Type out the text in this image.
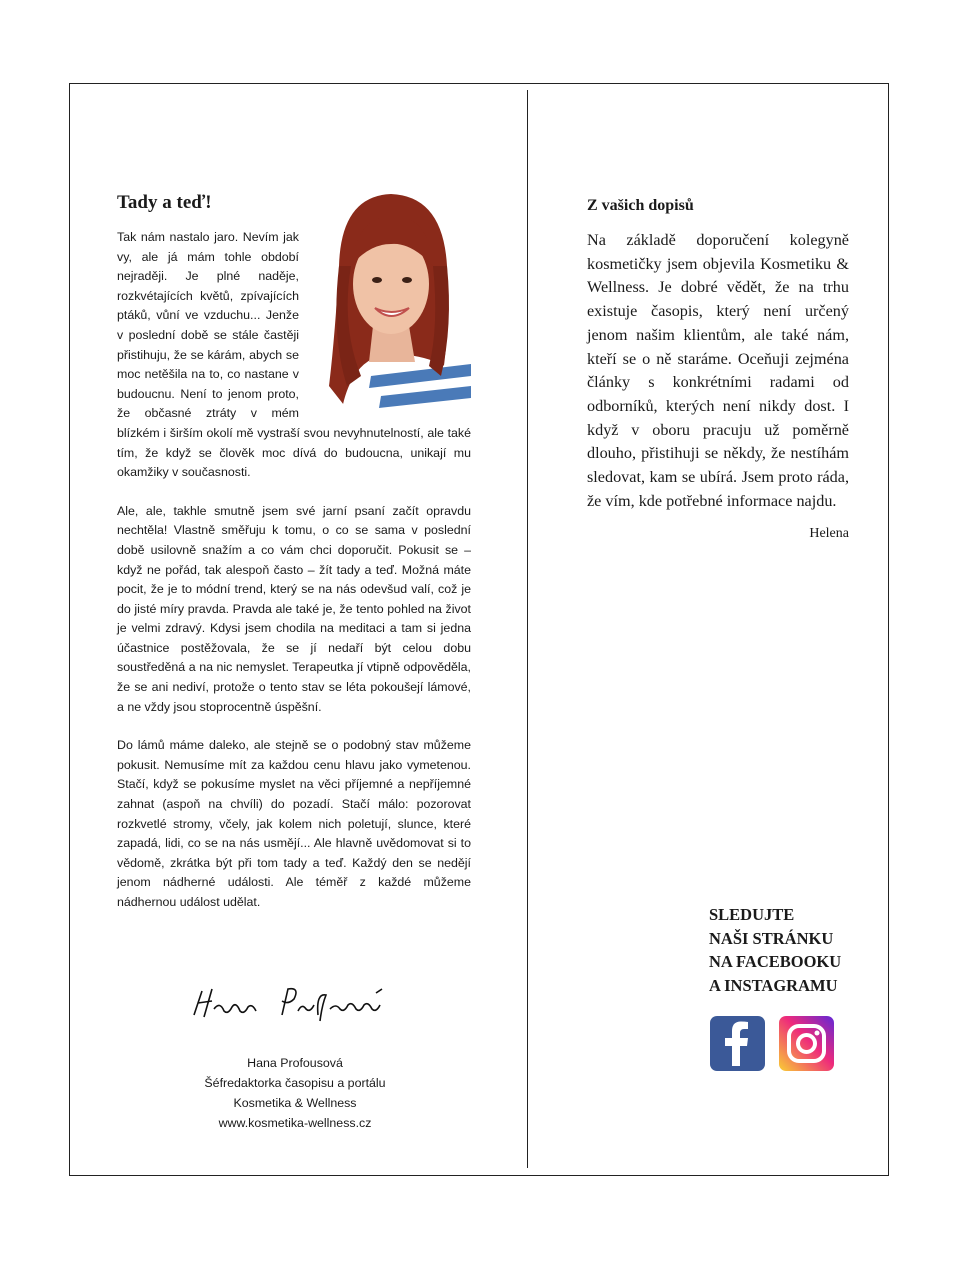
Tady a teď!

Tak nám nastalo jaro. Nevím jak vy, ale já mám tohle období nejraději. Je plné naděje, rozkvétajících květů, zpívajících ptáků, vůní ve vzduchu... Jenže v poslední době se stále častěji přistihuju, že se kárám, abych se moc netěšila na to, co nastane v budoucnu. Není to jenom proto, že občasné ztráty v mém blízkém i širším okolí mě vystraší svou nevyhnutelností, ale také tím, že když se člověk moc dívá do budoucna, unikají mu okamžiky v současnosti.

Ale, ale, takhle smutně jsem své jarní psaní začít opravdu nechtěla! Vlastně směřuju k tomu, o co se sama v poslední době usilovně snažím a co vám chci doporučit. Pokusit se – když ne pořád, tak alespoň často – žít tady a teď. Možná máte pocit, že je to módní trend, který se na nás odevšud valí, což je do jisté míry pravda. Pravda ale také je, že tento pohled na život je velmi zdravý. Kdysi jsem chodila na meditaci a tam si jedna účastnice postěžovala, že se jí nedaří být celou dobu soustředěná a na nic nemyslet. Terapeutka jí vtipně odpověděla, že se ani nediví, protože o tento stav se léta pokoušejí lámové, a ne vždy jsou stoprocentně úspěšní.

Do lámů máme daleko, ale stejně se o podobný stav můžeme pokusit. Nemusíme mít za každou cenu hlavu jako vymetenou. Stačí, když se pokusíme myslet na věci příjemné a nepříjemné zahnat (aspoň na chvíli) do pozadí. Stačí málo: pozorovat rozkvetlé stromy, včely, jak kolem nich poletují, slunce, které zapadá, lidi, co se na nás usmějí... Ale hlavně uvědomovat si to vědomě, zkrátka být při tom tady a teď. Každý den se nedějí jenom nádherné události. Ale téměř z každé můžeme nádhernou událost udělat.

Hana Profousová
Šéfredaktorka časopisu a portálu
Kosmetika & Wellness
www.kosmetika-wellness.cz
Z vašich dopisů

Na základě doporučení kolegyně kosmetičky jsem objevila Kosmetiku & Wellness. Je dobré vědět, že na trhu existuje časopis, který není určený jenom našim klientům, ale také nám, kteří se o ně staráme. Oceňuji zejména články s konkrétními radami od odborníků, kterých není nikdy dost. I když v oboru pracuju už poměrně dlouho, přistihuji se někdy, že nestíhám sledovat, kam se ubírá. Jsem proto ráda, že vím, kde potřebné informace najdu.

Helena
SLEDUJTE
NAŠI STRÁNKU
NA FACEBOOKU
A INSTAGRAMU
